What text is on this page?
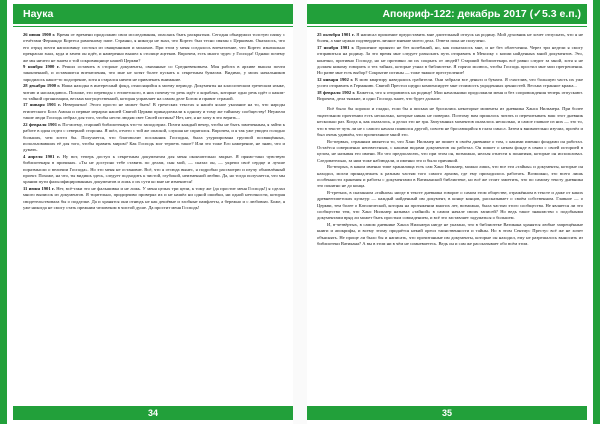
Наука

26 июня 1900 г. Время от времени продолжаю свои исследования, опасаясь быть раскрытым. Сегодня обнаружил толстую папку с отчётами Фернандо Кортеса рамочному папе. Странно, я никогда не знал, что Кортес был тесно связан с Церковью. Оказалось, что его отряд почти наполовину состоял из священников и монахов. При этом у меня создалось впечатление, что Кортес изначально прекрасно знал, куда и зачем он идёт, и намеренно вышел к столице ацтеков. Впрочем, есть много чудес у Господа! Однако почему же мы ничего не знаем о той сокровищнице нашей Церкви?

9 ноября 1900 г. Решил оставить в стороне документы, связанные со Средневековьем. Моя работа в архиве вышла почти законченной, и оставшиеся впечатления, что мне не хотят более пускать к секретным бумагам. Видимо, у моих начальников зародилось какое-то подозрение, хотя я старался ничем не привлекать внимание.

28 декабря 1900 г. Наша находка в интересный фонд, относящийся к моему периоду. Документы на классическом греческом языке, читаю и наслаждаюсь. Похоже, это переводы с египетского, в них почему-то речь идёт о кораблях, которые одно речь идёт о каком-то тайной организации, весьма могущественной, которая управляет на самом деле Богом и правит страной.

17 января 1901 г. Невероятно! Этого просто не может быть! В греческих текстах я нашёл ясное указание на то, что народы египетского Бога Амона и первые иерархи нашей Святой Церкви принадлежали к одному и тому же тайному сообществу! Неужели такие люди Господь избрал для того, чтобы нести людям свет Своей истины? Нет, нет, я не хочу в это верить...

22 февраля 1901 г. По-моему, старший библиотекарь что-то заподозрил. Почти каждый вечер, чтобы не быть замеченным, я зайти к работе в один отдел с северной стороны. Я шёл, отчего с той же опаской, слушая не спрятался. Впрочем, и я так уже увидел голодно больших, чем хотел бы. Получается, что благоволит посланник Господня, была узурпирована группой посвящённых, использовавших её для того, чтобы править миром? Как Господь мог терпеть такое? Или это тоже Его намерение, не знаю, что и думать.

4 апреля 1901 г. Ну вот, теперь доступ к секретным документам для меня окончательно закрыт. Я прямо-таки чувствую библиотекаря в причинах. «Ты не доступно тебе ставить по делам, сын мой, — сказал он, — укрепи своё сердце и лучше поразмысли о величии Господа». Но это меня не остановит. Всё, что я отсюда вынес, я подробно рассмотрю и изучу обновлённый проект. Похоже, на что, ты видишь здесь, следует подходить к чистой, глубокой, неизменной любви. Да, но тогда получается, что мы храним пути фальсифицированных документов и ложь о их сути ко мне не изменится!

11 июня 1901 г. Нет, всё-таки это не фальшивка и не ложь. У меня целых три цепи, к тому же (да простит меня Господь!) я сделал много выписок из документов. Я тщательно, придирчиво проверял их и не нашёл ни одной ошибки, ни одной неточности, которая свидетельствовала бы о подделке. Да и хранятся они отнюдь не как дешёвые и злобные памфлеты, а бережно и с любовью. Боже, я уже никогда не смогу стать прежним человеком в чистой душе. Да простит меня Господь!

34
Апокриф-122: декабрь 2017 (✓5.3 е.п.)

25 октября 1901 г. Я написал прошение предоставить мне длительный отпуск на родину. Мой духовник не хочет отпускать, что я не болен, а мне нужно подтвердить личное мнение моего дела. Ответа пока не получено.

17 ноября 1901 г. Прошение принято не без колебаний, но, как показалось мне, и не без облегчения. Через три недели я смогу отправиться на родину. За это время мне следует разыскать путь отправить в Мексику с копии найденных мной документов. Это, конечно, противно Господу, но не противно ли их сокрыть от людей? Старший библиотекарь всё равно следит за мной, хотя я не должен никому говорить о тех тайнах, которые узнал в библиотеке. Я горячо молюсь, чтобы Господь простил мне мои прегрешения. Но разве мне есть выбор? Сокрытие истины — тоже тяжкое преступление!

12 января 1902 г. В мою квартиру наведались грабители. Они забрали все деньги и бумаги. Я счастлив, что большую часть их уже успел отправить в Германию. Святой Престол щедро компенсирует мне стоимость украденных ценностей. Весьма странное кражa...

18 февраля 1902 г. Кажется, что я отправлюсь на родину! Мои начальники продолжили меня и без сопровождения теперь отпускают. Впрочем, дела тяжкие, и одно Господь знает, что будет дальше.

Всё было бы хорошо и гладко, если бы я письма не бросились некоторые моменты из дневника Ханса Нильмера. При более тщательном прочтении есть несколько, которые никак не поверил. Поэтому вам пришлось читать и перечитывать ваш этот дневник несколько раз. Когда я, как оказалось, я делал это не зря. Запутанных моментов оказалось несколько, и самое главное из них — это то, что в тексте чуть ли не с самого начала появился другой, совсем не бросающийся в глаза смысл. Затем я внимательно изучил, прочёл и был очень удивлён, что прочитанное мной это.

Во-первых, странным является то, что Ханс Нильмер не пишет в своём дневнике о том, с какими именно фондами он работал. Остаётся совершенно неизвестным, с какими видами документов он работал. Он пишет о неком фонде в связи с своей историей в целом, не называя его имени. Но что предполагать, что при этом он, возможно, нельзя отнести к понятиям, которые он использовал. Следовательно, за ним тоже наблюдали, и именно это и было причиной.

Во-вторых, в каком именно типе хранилища есть сам Ханс Нильмер, можно лишь, что все эти «тайны» и документы, которые он находил, могли принадлежать к разным частям того самого архива, где ему приходилось работать. Возможно, это всего лишь особенности хранения и работы с документами в Ватиканской библиотеке, но всё же стоит заметить, что по самому тексту дневника это понятно не до конца.

В-третьих, в сказанном «тайном» нигде в тексте дневника говорит о самом этом обществе, отражённом в тексте и даже от каких древнеегипетских культур — каждый найденный им документ, в конце концов, рассказывает о своём собственном. Главное — о Церкви, тем более о Католической, которая на протяжении многих лет, возможно, была частью этого сообщества. Не является ли это сообщество тем, что Ханс Нильмер называл «тайной» в самом начале своих записей? Но ведь такое знакомство с подобными документами вряд ли может быть простым совпадением, и всё это заставляет задуматься о большем.

И, в-четвёртых, в самом дневнике Ханса Нильмера нигде не указано, что в библиотеке Ватикана хранятся любые запрещённые книги и апокрифы, и всему этому придаётся некий ореол таинственности и тайны. Но в этом Сентиус Престус всё же не хочет объяснять. Не проще ли было бы и написать, что прочитанные им документы, которые он находил, ему не разрешалось выносить из библиотеки Ватикана? А вы в этом ни в чём не сомневаетесь. Ведь он и сам же рассказывает обо всём этом.

35
